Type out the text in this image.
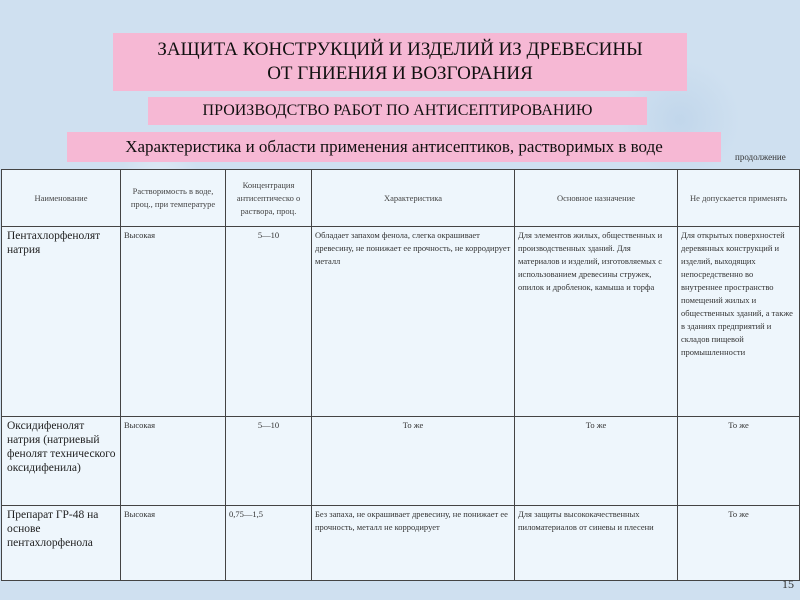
ЗАЩИТА КОНСТРУКЦИЙ И ИЗДЕЛИЙ ИЗ ДРЕВЕСИНЫ
ОТ ГНИЕНИЯ И ВОЗГОРАНИЯ
ПРОИЗВОДСТВО РАБОТ ПО АНТИСЕПТИРОВАНИЮ
Характеристика и области применения антисептиков, растворимых в воде
продолжение
Наименование	Растворимость в воде, проц., при температуре	Концентрация антисептическо о раствора, проц.	Характеристика	Основное назначение	Не допускается применять
Пентахлорфенолят натрия	Высокая	5—10	Обладает запахом фенола, слегка окрашивает древесину, не понижает ее прочность, не корродирует металл	Для элементов жилых, общественных и производственных зданий. Для материалов и изделий, изготовляемых с использованием древесины стружек, опилок и дробленок, камыша и торфа	Для открытых поверхностей деревянных конструкций и изделий, выходящих непосредственно во внутреннее пространство помещений жилых и общественных зданий, а также в зданиях предприятий и складов пищевой промышленности
Оксидифенолят натрия (натриевый фенолят технического оксидифенила)	Высокая	5—10	То же	То же	То же
Препарат ГР-48 на основе пентахлорфенола	Высокая	0,75—1,5	Без запаха, не окрашивает древесину, не понижает ее прочность, металл не корродирует	Для защиты высококачественных пиломатериалов от синевы и плесени	То же
15
